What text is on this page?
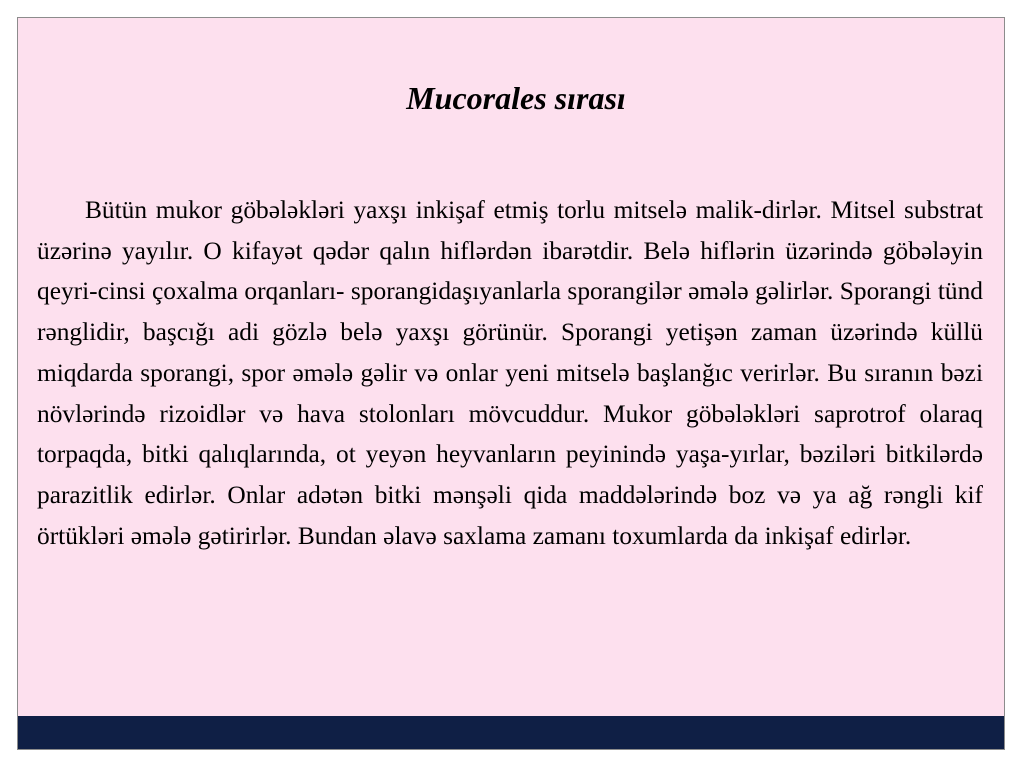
Mucorales sırası

Bütün mukor göbələkləri yaxşı inkişaf etmiş torlu mitselə malik-dirlər. Mitsel substrat üzərinə yayılır. O kifayət qədər qalın hiflərdən ibarətdir. Belə hiflərin üzərində göbələyin qeyri-cinsi çoxalma orqanları- sporangidaşıyanlarla sporangilər əmələ gəlirlər. Sporangi tünd rənglidir, başcığı adi gözlə belə yaxşı görünür. Sporangi yetişən zaman üzərində küllü miqdarda sporangi, spor əmələ gəlir və onlar yeni mitselə başlanğıc verirlər. Bu sıranın bəzi növlərində rizoidlər və hava stolonları mövcuddur. Mukor göbələkləri saprotrof olaraq torpaqda, bitki qalıqlarında, ot yeyən heyvanların peyinində yaşa-yırlar, bəziləri bitkilərdə parazitlik edirlər. Onlar adətən bitki mənşəli qida maddələrində boz və ya ağ rəngli kif örtükləri əmələ gətirirlər. Bundan əlavə saxlama zamanı toxumlarda da inkişaf edirlər.
